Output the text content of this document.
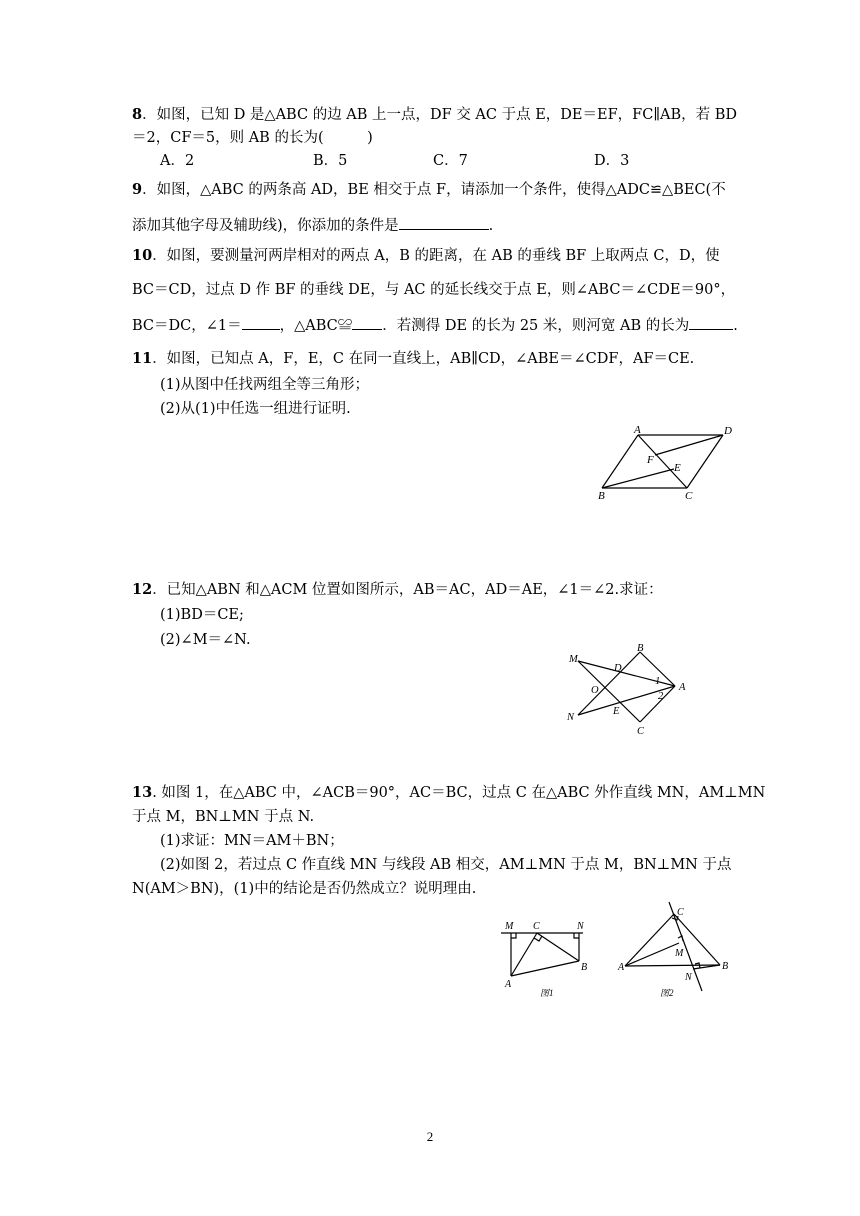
8．如图，已知 D 是△ABC 的边 AB 上一点，DF 交 AC 于点 E，DE＝EF，FC∥AB，若 BD
＝2，CF＝5，则 AB 的长为(　　　)
A．2	B．5	C．7	D．3
9．如图，△ABC 的两条高 AD，BE 相交于点 F，请添加一个条件，使得△ADC≌△BEC(不
添加其他字母及辅助线)，你添加的条件是	.
10．如图，要测量河两岸相对的两点 A，B 的距离，在 AB 的垂线 BF 上取两点 C，D，使
BC＝CD，过点 D 作 BF 的垂线 DE，与 AC 的延长线交于点 E，则∠ABC＝∠CDE＝90°，
BC＝DC，∠1＝	，△ABC≌ ．若测得 DE 的长为 25 米，则河宽 AB 的长为	.
11．如图，已知点 A，F，E，C 在同一直线上，AB∥CD，∠ABE＝∠CDF，AF＝CE.
(1)从图中任找两组全等三角形；
(2)从(1)中任选一组进行证明.
A	D
F
E
B	C
12．已知△ABN 和△ACM 位置如图所示，AB＝AC，AD＝AE，∠1＝∠2.求证：
(1)BD＝CE;
(2)∠M＝∠N.
M
B
D
O
1
2
A
N
E
C
13. 如图 1，在△ABC 中，∠ACB＝90°，AC＝BC，过点 C 在△ABC 外作直线 MN，AM⊥MN
于点 M，BN⊥MN 于点 N.
(1)求证：MN＝AM＋BN；
(2)如图 2，若过点 C 作直线 MN 与线段 AB 相交，AM⊥MN 于点 M，BN⊥MN 于点
N(AM＞BN)，(1)中的结论是否仍然成立？说明理由.
M C	N
A
B
图1
C
M
A
N
B
图2
2
